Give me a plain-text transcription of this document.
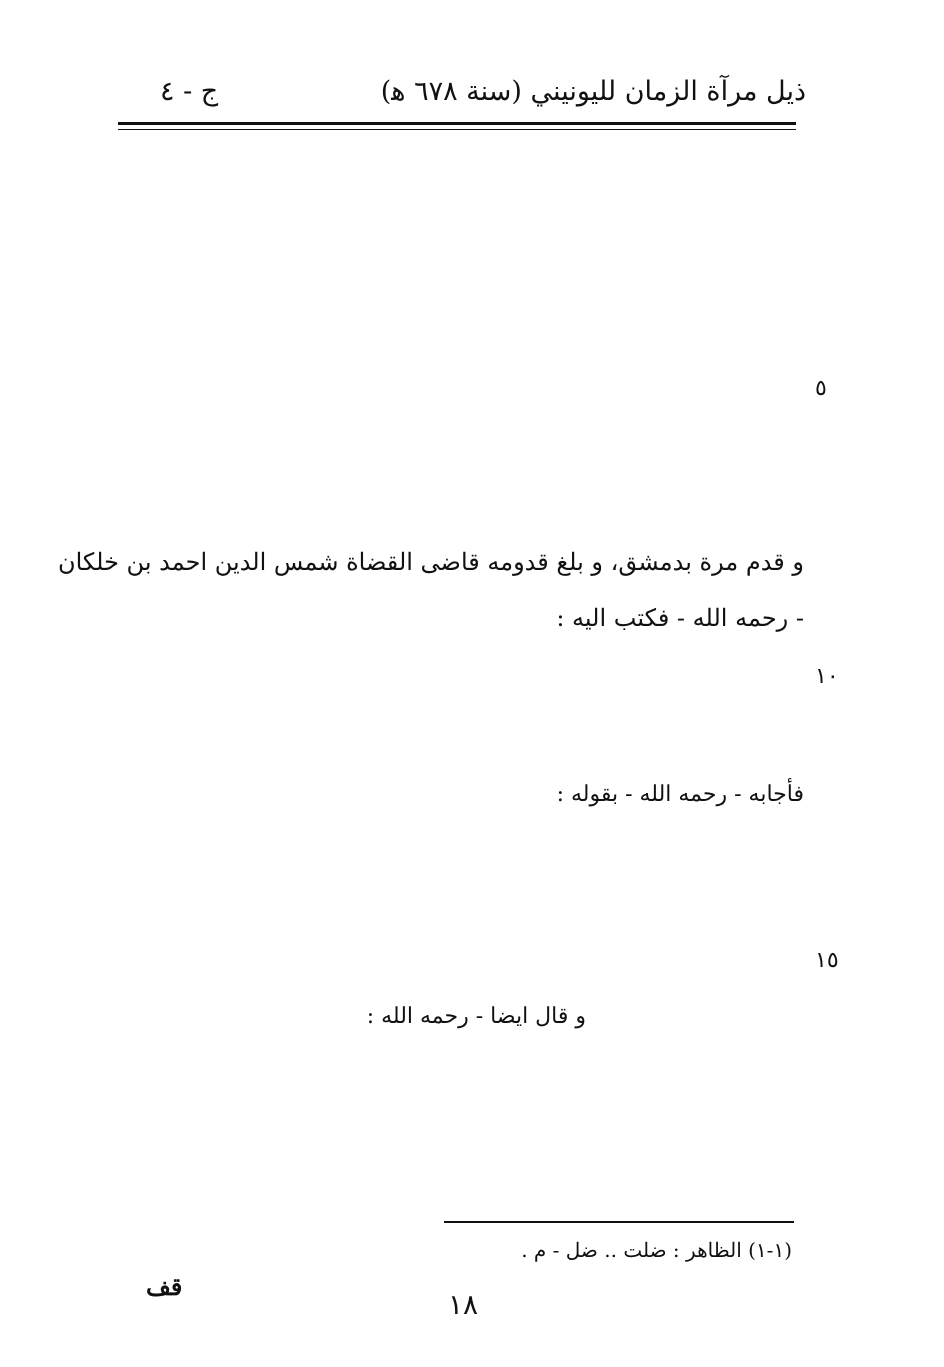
ذيل مرآة الزمان لليونيني (سنة ٦٧٨ ﻫ)
ج - ٤
٥
و قدم مرة بدمشق، و بلغ قدومه قاضى القضاة شمس الدين احمد بن خلكان
- رحمه الله - فكتب اليه :
١٠
فأجابه - رحمه الله - بقوله :
١٥
و قال ايضا - رحمه الله :
(١-١) الظاهر : ضلت .. ضل - م .
قف
١٨
